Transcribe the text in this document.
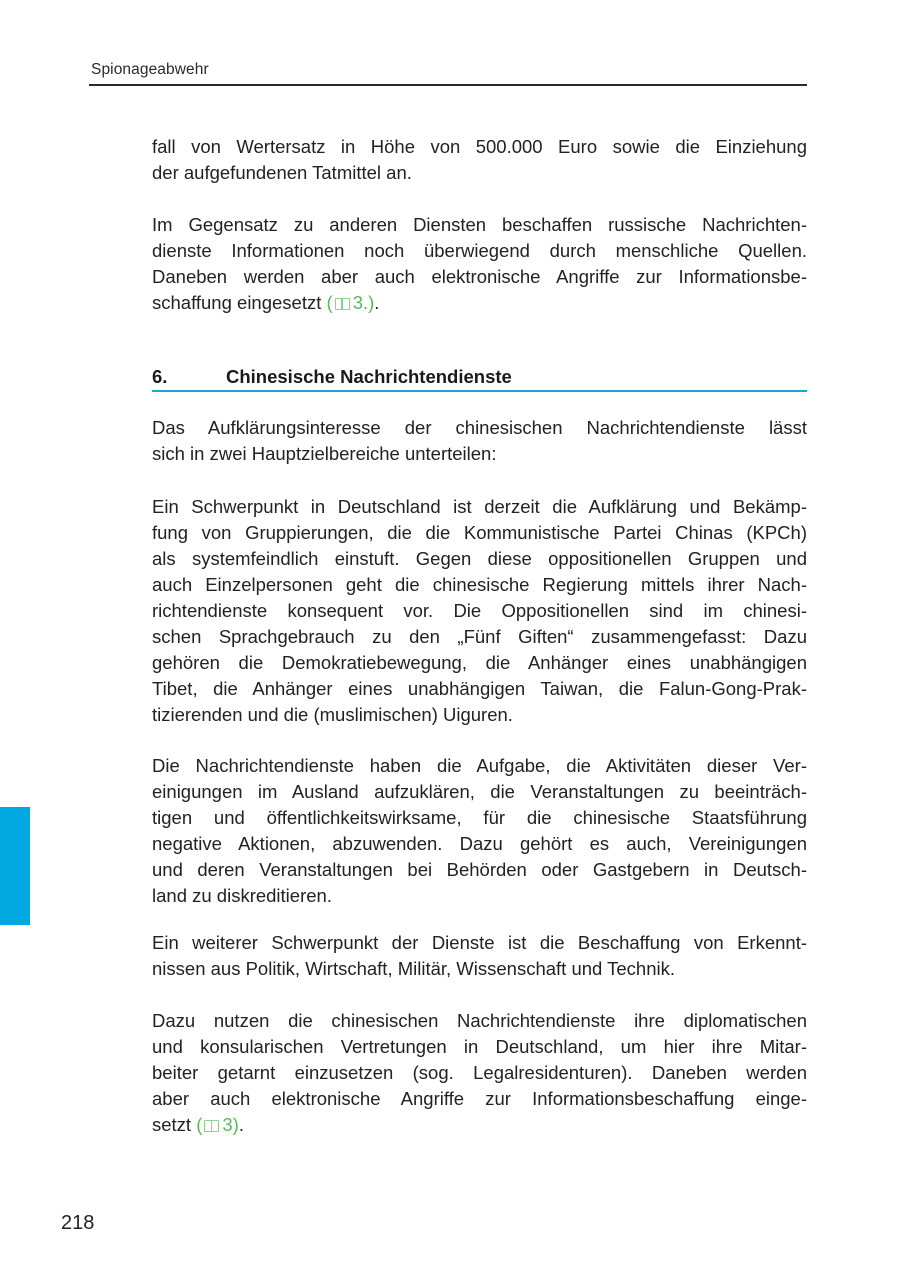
Spionageabwehr
fall von Wertersatz in Höhe von 500.000 Euro sowie die Einziehung
der aufgefundenen Tatmittel an.
Im Gegensatz zu anderen Diensten beschaffen russische Nachrichten-
dienste Informationen noch überwiegend durch menschliche Quellen.
Daneben werden aber auch elektronische Angriffe zur Informationsbe-
schaffung eingesetzt ( 3.).
6.	Chinesische Nachrichtendienste
Das Aufklärungsinteresse der chinesischen Nachrichtendienste lässt
sich in zwei Hauptzielbereiche unterteilen:
Ein Schwerpunkt in Deutschland ist derzeit die Aufklärung und Bekämp-
fung von Gruppierungen, die die Kommunistische Partei Chinas (KPCh)
als systemfeindlich einstuft. Gegen diese oppositionellen Gruppen und
auch Einzelpersonen geht die chinesische Regierung mittels ihrer Nach-
richtendienste konsequent vor. Die Oppositionellen sind im chinesi-
schen Sprachgebrauch zu den „Fünf Giften“ zusammengefasst: Dazu
gehören die Demokratiebewegung, die Anhänger eines unabhängigen
Tibet, die Anhänger eines unabhängigen Taiwan, die Falun-Gong-Prak-
tizierenden und die (muslimischen) Uiguren.
Die Nachrichtendienste haben die Aufgabe, die Aktivitäten dieser Ver-
einigungen im Ausland aufzuklären, die Veranstaltungen zu beeinträch-
tigen und öffentlichkeitswirksame, für die chinesische Staatsführung
negative Aktionen, abzuwenden. Dazu gehört es auch, Vereinigungen
und deren Veranstaltungen bei Behörden oder Gastgebern in Deutsch-
land zu diskreditieren.
Ein weiterer Schwerpunkt der Dienste ist die Beschaffung von Erkennt-
nissen aus Politik, Wirtschaft, Militär, Wissenschaft und Technik.
Dazu nutzen die chinesischen Nachrichtendienste ihre diplomatischen
und konsularischen Vertretungen in Deutschland, um hier ihre Mitar-
beiter getarnt einzusetzen (sog. Legalresidenturen). Daneben werden
aber auch elektronische Angriffe zur Informationsbeschaffung einge-
setzt ( 3).
218
